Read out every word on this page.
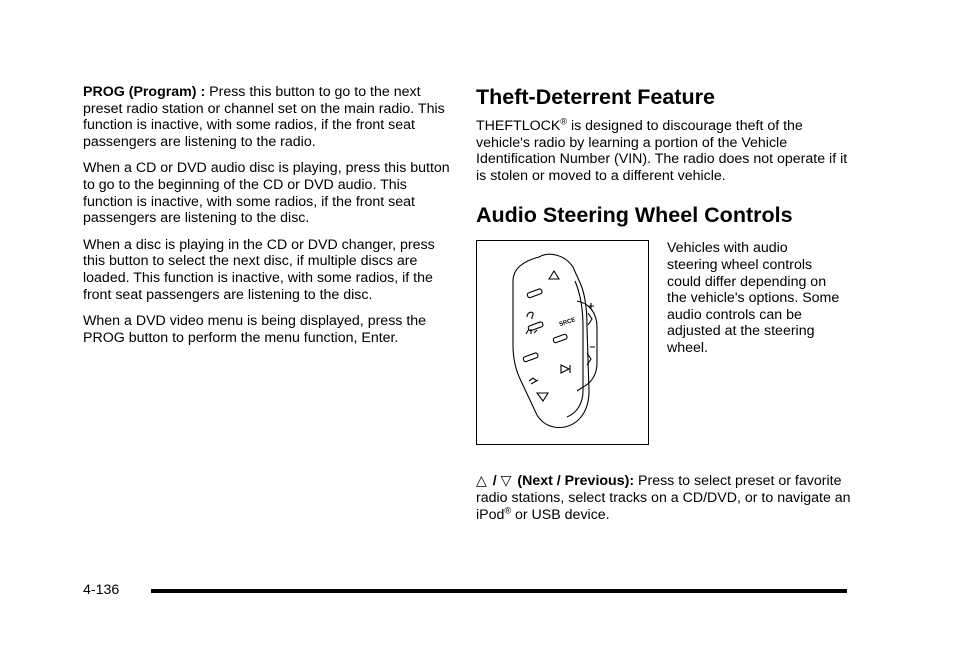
PROG (Program) : Press this button to go to the next preset radio station or channel set on the main radio. This function is inactive, with some radios, if the front seat passengers are listening to the radio.

When a CD or DVD audio disc is playing, press this button to go to the beginning of the CD or DVD audio. This function is inactive, with some radios, if the front seat passengers are listening to the disc.

When a disc is playing in the CD or DVD changer, press this button to select the next disc, if multiple discs are loaded. This function is inactive, with some radios, if the front seat passengers are listening to the disc.

When a DVD video menu is being displayed, press the PROG button to perform the menu function, Enter.

Theft-Deterrent Feature

THEFTLOCK® is designed to discourage theft of the vehicle's radio by learning a portion of the Vehicle Identification Number (VIN). The radio does not operate if it is stolen or moved to a different vehicle.

Audio Steering Wheel Controls
SRCE

Vehicles with audio steering wheel controls could differ depending on the vehicle's options. Some audio controls can be adjusted at the steering wheel.

△ / ▽ (Next / Previous): Press to select preset or favorite radio stations, select tracks on a CD/DVD, or to navigate an iPod® or USB device.

4-136
